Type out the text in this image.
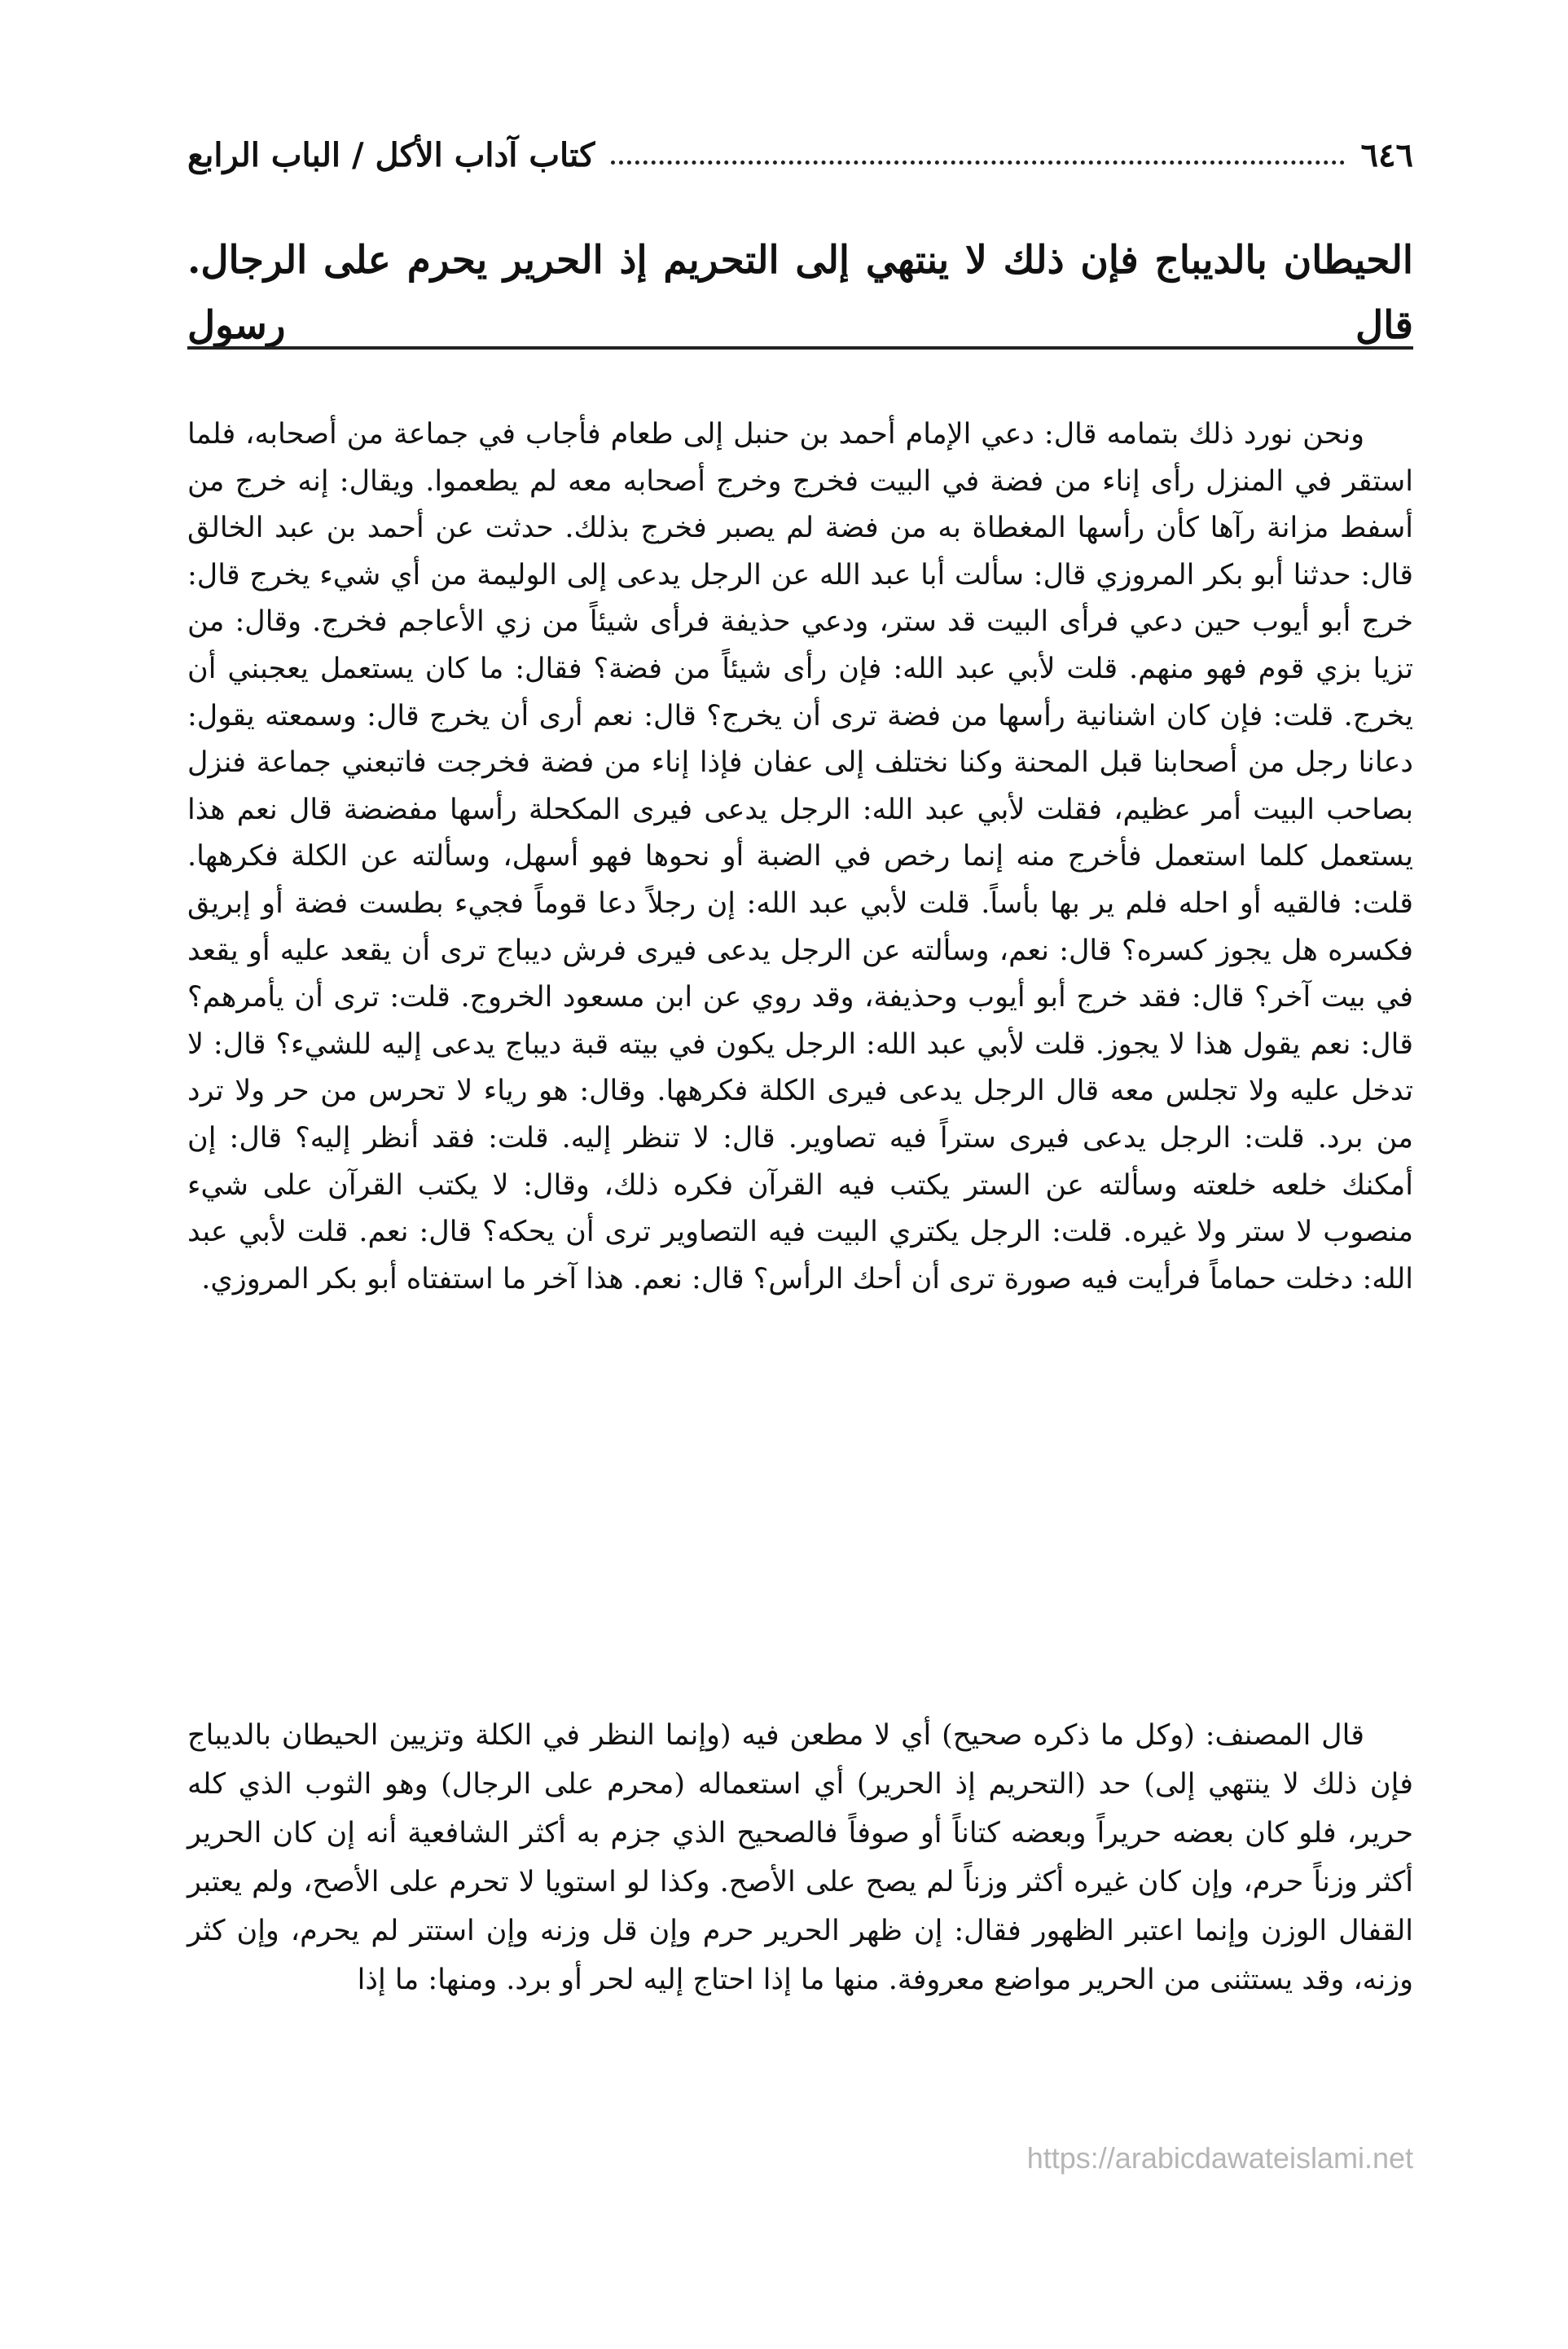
٦٤٦
كتاب آداب الأكل / الباب الرابع
الحيطان بالديباج فإن ذلك لا ينتهي إلى التحريم إذ الحرير يحرم على الرجال. قال رسول

ونحن نورد ذلك بتمامه قال: دعي الإمام أحمد بن حنبل إلى طعام فأجاب في جماعة من أصحابه، فلما استقر في المنزل رأى إناء من فضة في البيت فخرج وخرج أصحابه معه لم يطعموا. ويقال: إنه خرج من أسفط مزانة رآها كأن رأسها المغطاة به من فضة لم يصبر فخرج بذلك. حدثت عن أحمد بن عبد الخالق قال: حدثنا أبو بكر المروزي قال: سألت أبا عبد الله عن الرجل يدعى إلى الوليمة من أي شيء يخرج قال: خرج أبو أيوب حين دعي فرأى البيت قد ستر، ودعي حذيفة فرأى شيئاً من زي الأعاجم فخرج. وقال: من تزيا بزي قوم فهو منهم. قلت لأبي عبد الله: فإن رأى شيئاً من فضة؟ فقال: ما كان يستعمل يعجبني أن يخرج. قلت: فإن كان اشنانية رأسها من فضة ترى أن يخرج؟ قال: نعم أرى أن يخرج قال: وسمعته يقول: دعانا رجل من أصحابنا قبل المحنة وكنا نختلف إلى عفان فإذا إناء من فضة فخرجت فاتبعني جماعة فنزل بصاحب البيت أمر عظيم، فقلت لأبي عبد الله: الرجل يدعى فيرى المكحلة رأسها مفضضة قال نعم هذا يستعمل كلما استعمل فأخرج منه إنما رخص في الضبة أو نحوها فهو أسهل، وسألته عن الكلة فكرهها. قلت: فالقيه أو احله فلم ير بها بأساً. قلت لأبي عبد الله: إن رجلاً دعا قوماً فجيء بطست فضة أو إبريق فكسره هل يجوز كسره؟ قال: نعم، وسألته عن الرجل يدعى فيرى فرش ديباج ترى أن يقعد عليه أو يقعد في بيت آخر؟ قال: فقد خرج أبو أيوب وحذيفة، وقد روي عن ابن مسعود الخروج. قلت: ترى أن يأمرهم؟ قال: نعم يقول هذا لا يجوز. قلت لأبي عبد الله: الرجل يكون في بيته قبة ديباج يدعى إليه للشيء؟ قال: لا تدخل عليه ولا تجلس معه قال الرجل يدعى فيرى الكلة فكرهها. وقال: هو رياء لا تحرس من حر ولا ترد من برد. قلت: الرجل يدعى فيرى ستراً فيه تصاوير. قال: لا تنظر إليه. قلت: فقد أنظر إليه؟ قال: إن أمكنك خلعه خلعته وسألته عن الستر يكتب فيه القرآن فكره ذلك، وقال: لا يكتب القرآن على شيء منصوب لا ستر ولا غيره. قلت: الرجل يكتري البيت فيه التصاوير ترى أن يحكه؟ قال: نعم. قلت لأبي عبد الله: دخلت حماماً فرأيت فيه صورة ترى أن أحك الرأس؟ قال: نعم. هذا آخر ما استفتاه أبو بكر المروزي.

قال المصنف: (وكل ما ذكره صحيح) أي لا مطعن فيه (وإنما النظر في الكلة وتزيين الحيطان بالديباج فإن ذلك لا ينتهي إلى) حد (التحريم إذ الحرير) أي استعماله (محرم على الرجال) وهو الثوب الذي كله حرير، فلو كان بعضه حريراً وبعضه كتاناً أو صوفاً فالصحيح الذي جزم به أكثر الشافعية أنه إن كان الحرير أكثر وزناً حرم، وإن كان غيره أكثر وزناً لم يصح على الأصح. وكذا لو استويا لا تحرم على الأصح، ولم يعتبر القفال الوزن وإنما اعتبر الظهور فقال: إن ظهر الحرير حرم وإن قل وزنه وإن استتر لم يحرم، وإن كثر وزنه، وقد يستثنى من الحرير مواضع معروفة. منها ما إذا احتاج إليه لحر أو برد. ومنها: ما إذا

https://arabicdawateislami.net
